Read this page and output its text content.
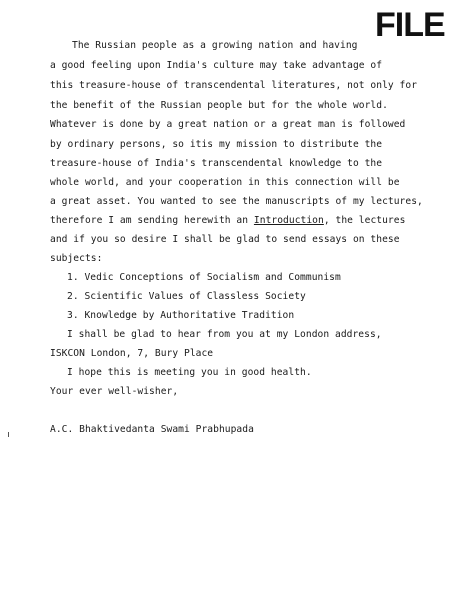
FILE
The Russian people as a growing nation and having
a good feeling upon India's culture may take advantage of
this treasure-house of transcendental literatures, not only for
the benefit of the Russian people but for the whole world.
Whatever is done by a great nation or a great man is followed
by ordinary persons, so itis my mission to distribute the
treasure-house of India's transcendental knowledge to the
whole world, and your cooperation in this connection will be
a great asset. You wanted to see the manuscripts of my lectures,
therefore I am sending herewith an Introduction, the lectures
and if you so desire I shall be glad to send essays on these
subjects:
1. Vedic Conceptions of Socialism and Communism
2. Scientific Values of Classless Society
3. Knowledge by Authoritative Tradition
I shall be glad to hear from you at my London address,
ISKCON London, 7, Bury Place
I hope this is meeting you in good health.
Your ever well-wisher,
A.C. Bhaktivedanta Swami Prabhupada
